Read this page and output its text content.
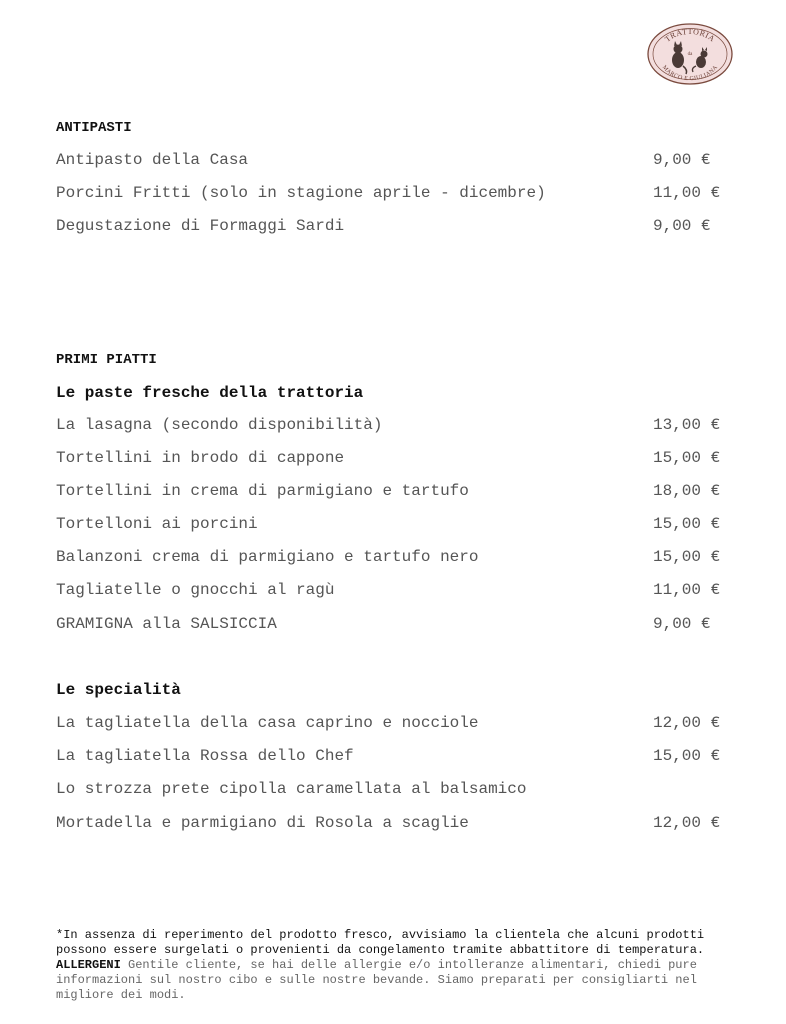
TRATTORIA
MARCO E GIULIANA
da
ANTIPASTI
Antipasto della Casa	9,00 €
Porcini Fritti (solo in stagione aprile - dicembre)	11,00 €
Degustazione di Formaggi Sardi	9,00 €
PRIMI PIATTI
Le paste fresche della trattoria
La lasagna (secondo disponibilità)	13,00 €
Tortellini in brodo di cappone	15,00 €
Tortellini in crema di parmigiano e tartufo	18,00 €
Tortelloni ai porcini	15,00 €
Balanzoni crema di parmigiano e tartufo nero	15,00 €
Tagliatelle o gnocchi al ragù	11,00 €
GRAMIGNA alla SALSICCIA	9,00 €
Le specialità
La tagliatella della casa caprino e nocciole	12,00 €
La tagliatella Rossa dello Chef	15,00 €
Lo strozza prete cipolla caramellata al balsamico
Mortadella e parmigiano di Rosola a scaglie	12,00 €

*In assenza di reperimento del prodotto fresco, avvisiamo la clientela che alcuni prodotti possono essere surgelati o provenienti da congelamento tramite abbattitore di temperatura.

ALLERGENI Gentile cliente, se hai delle allergie e/o intolleranze alimentari, chiedi pure informazioni sul nostro cibo e sulle nostre bevande. Siamo preparati per consigliarti nel migliore dei modi.
